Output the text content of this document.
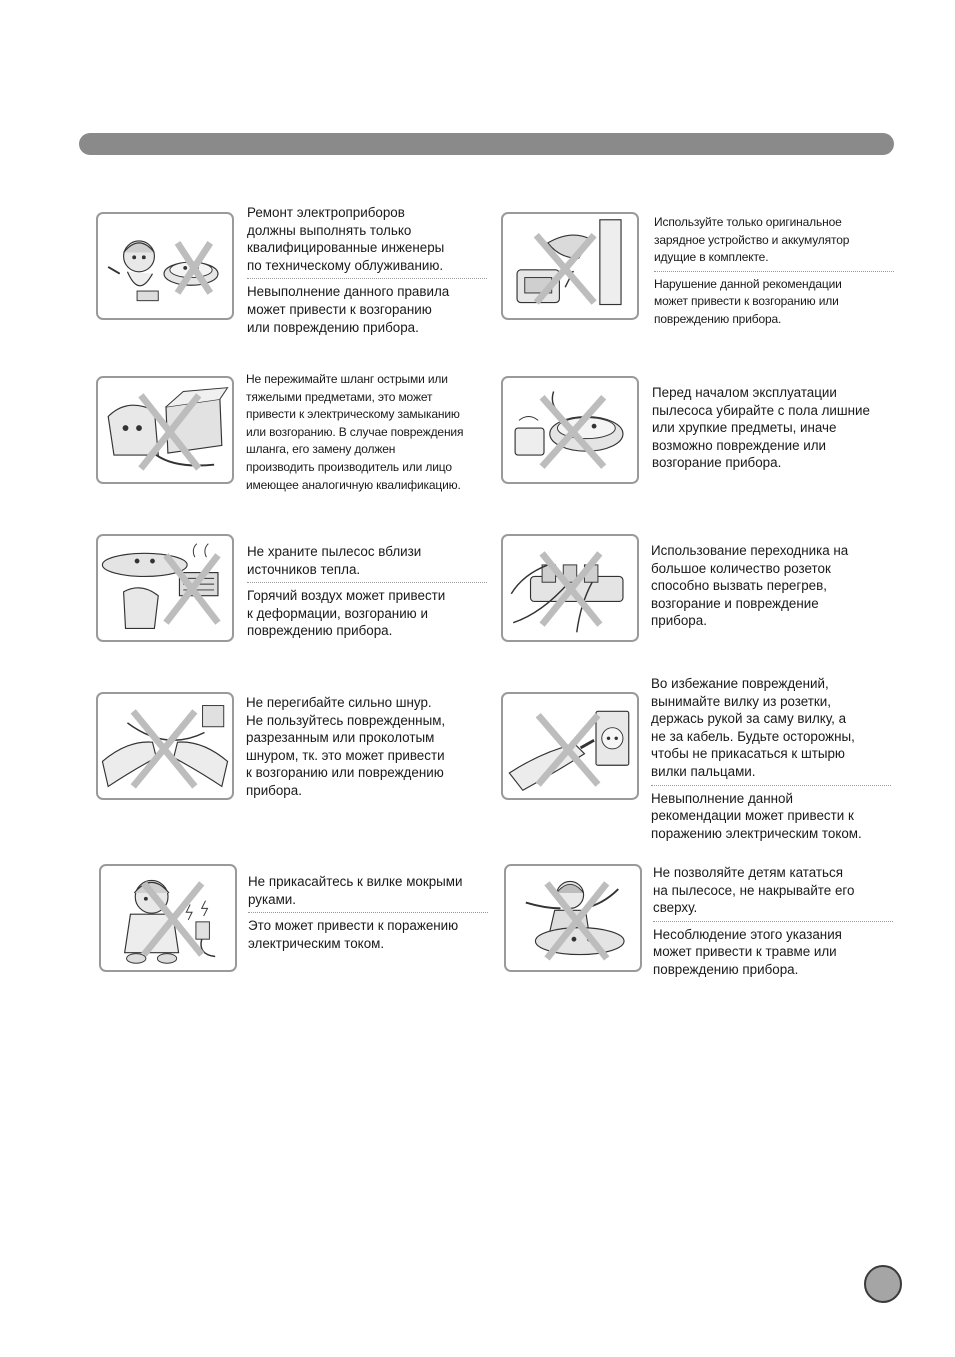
Ремонт электроприборов
должны выполнять только
квалифицированные инженеры
по техническому облуживанию.

Невыполнение данного правила
может привести к возгоранию
или повреждению прибора.

Используйте только оригинальное
зарядное устройство и аккумулятор
идущие в комплекте.

Нарушение данной рекомендации
может привести к возгоранию или
повреждению прибора.

Не пережимайте шланг острыми или
тяжелыми предметами, это может
привести к электрическому замыканию
или возгоранию. В случае повреждения
шланга, его замену должен
производить производитель или лицо
имеющее аналогичную квалификацию.

Перед началом эксплуатации
пылесоса убирайте с пола лишние
или хрупкие предметы, иначе
возможно повреждение или
возгорание прибора.

Не храните пылесос вблизи
источников тепла.

Горячий воздух может привести
к деформации, возгоранию и
повреждению прибора.

Использование переходника на
большое количество розеток
способно вызвать перегрев,
возгорание и повреждение
прибора.

Не перегибайте сильно шнур.
Не пользуйтесь поврежденным,
разрезанным или проколотым
шнуром, тк. это может привести
к возгоранию или повреждению
прибора.

Во избежание повреждений,
вынимайте вилку из розетки,
держась рукой за саму вилку, а
не за кабель. Будьте осторожны,
чтобы не прикасаться к штырю
вилки пальцами.

Невыполнение данной
рекомендации может привести к
поражению электрическим током.

Не прикасайтесь к вилке мокрыми
руками.

Это может привести к поражению
электрическим током.

Не позволяйте детям кататься
на пылесосе, не накрывайте его
сверху.

Несоблюдение этого указания
может привести к травме или
повреждению прибора.
